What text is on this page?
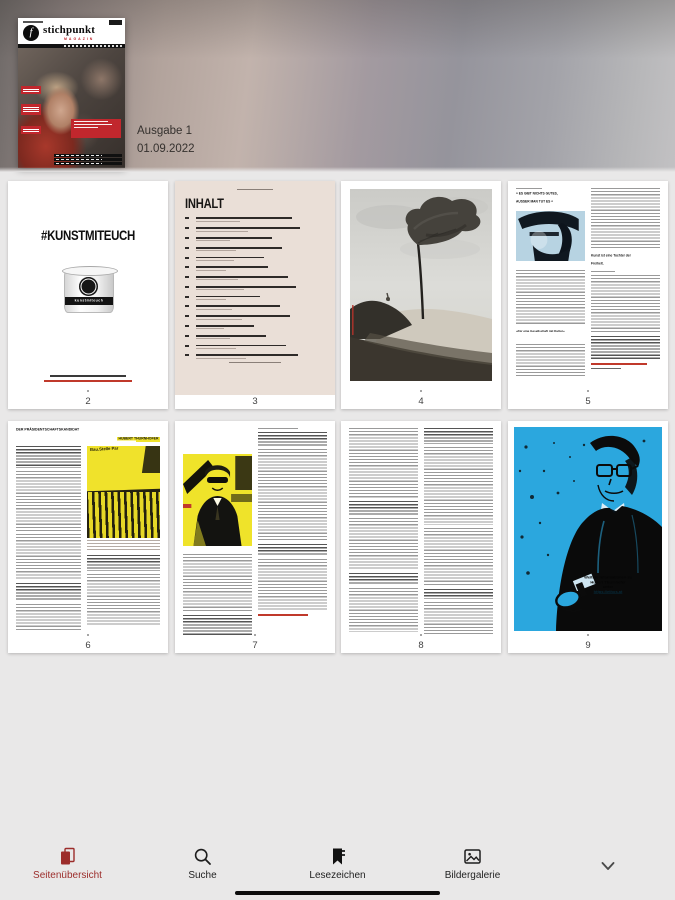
f stichpunkt
MAGAZIN
Ausgabe 1
01.09.2022
#KUNSTMITEUCH
kunstmiteuch
2
INHALT
3	4
» ES GIBT NICHTS GUTES,
AUSSER MAN TUT ES «
»Für eine Gesellschaft mit Kultur«
Kunst ist eine Tochter der
Freiheit.
5
DER PRÄSIDENTSCHAFTSKANDIDAT
HUBERT THURNHOFER
Bau.Stelle Par
6	7	8
Weitere Informationen zu
Hubert Thurnhofer
unter
https://ethos.at
9
Seitenübersicht	Suche	Lesezeichen	Bildergalerie
